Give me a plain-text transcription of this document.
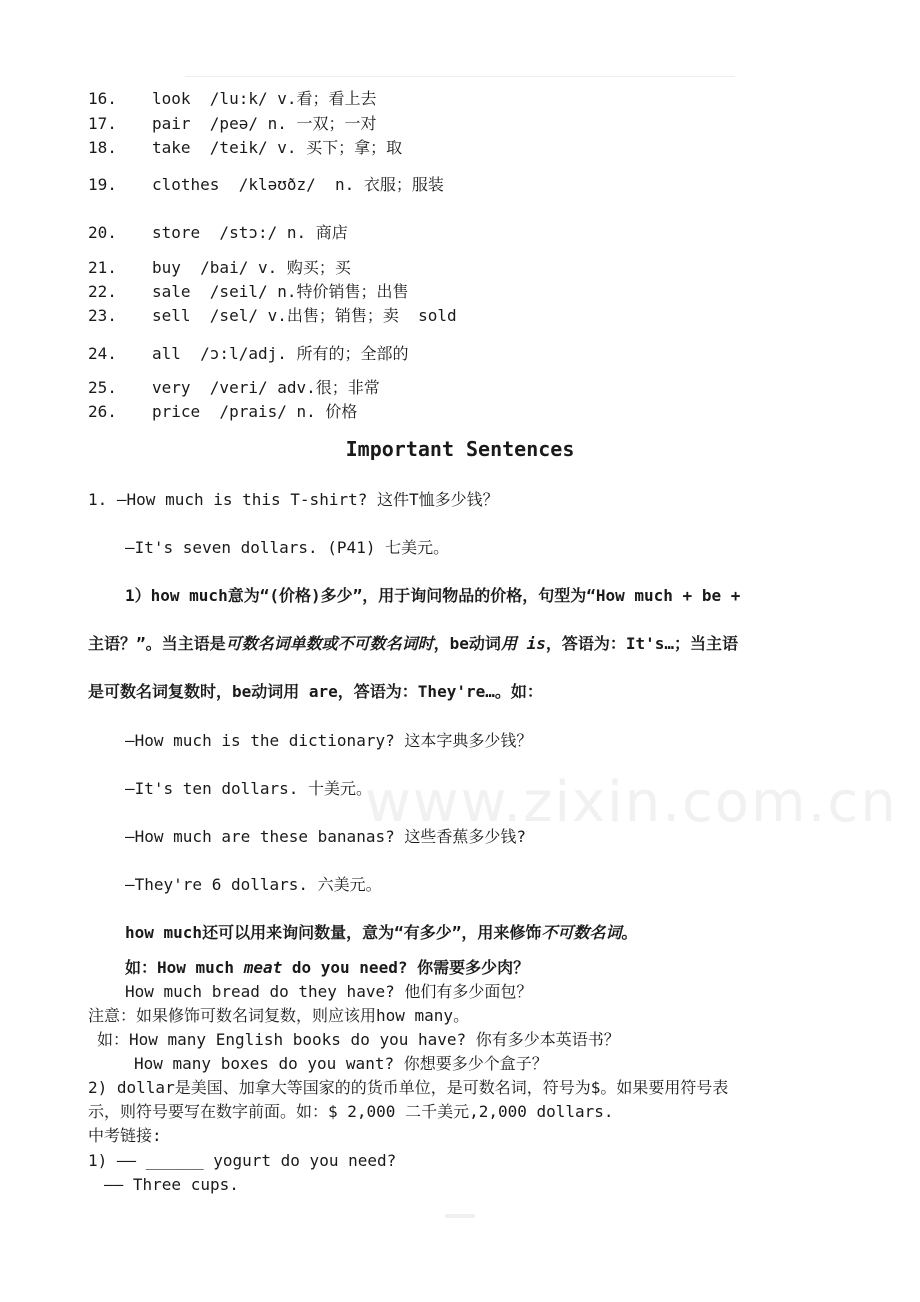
16. look  /lu:k/ v.看；看上去
17. pair  /peə/ n. 一双；一对
18. take  /teik/ v. 买下；拿；取
19. clothes  /kləʊðz/  n. 衣服；服装
20. store  /stɔ:/ n. 商店
21. buy  /bai/ v. 购买；买
22. sale  /seil/ n.特价销售；出售
23. sell  /sel/ v.出售；销售；卖  sold
24. all  /ɔ:l/adj. 所有的；全部的
25. very  /veri/ adv.很；非常
26. price  /prais/ n. 价格
Important Sentences
www.zixin.com.cn
1. —How much is this T-shirt? 这件T恤多少钱？
—It's seven dollars. (P41) 七美元。
1）how much意为“(价格)多少”，用于询问物品的价格，句型为“How much + be +
主语？”。当主语是可数名词单数或不可数名词时，be动词用 is，答语为：It's…；当主语
是可数名词复数时，be动词用 are，答语为：They're…。如：
—How much is the dictionary? 这本字典多少钱？
—It's ten dollars. 十美元。
—How much are these bananas? 这些香蕉多少钱?
—They're 6 dollars. 六美元。
how much还可以用来询问数量，意为“有多少”，用来修饰不可数名词。
如：How much meat do you need? 你需要多少肉？
How much bread do they have? 他们有多少面包？
注意：如果修饰可数名词复数，则应该用how many。
如：How many English books do you have? 你有多少本英语书？
How many boxes do you want? 你想要多少个盒子？
2) dollar是美国、加拿大等国家的的货币单位，是可数名词，符号为$。如果要用符号表
示，则符号要写在数字前面。如：$ 2,000 二千美元,2,000 dollars.
中考链接:
1) —— ______ yogurt do you need?
—— Three cups.
